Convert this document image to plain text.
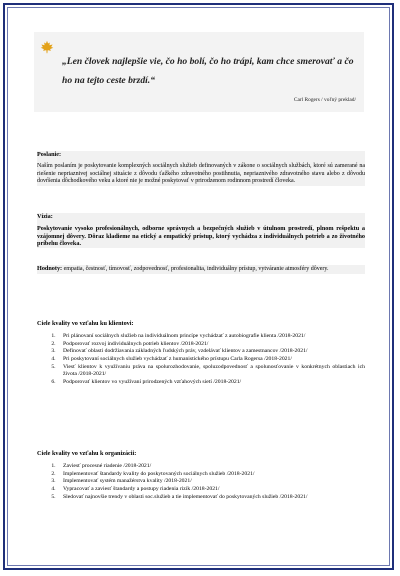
„Len človek najlepšie vie, čo ho bolí, čo ho trápi, kam chce smerovať a čo ho na tejto ceste brzdí.“
Carl Rogers / voľný preklad/
Poslanie:
Naším poslaním je poskytovanie komplexných sociálnych služieb definovaných v zákone o sociálnych službách, ktoré sú zamerané na riešenie nepriaznivej sociálnej situácie z dôvodu ťažkého zdravotného postihnutia, nepriaznivého zdravotného stavu alebo z dôvodu dovŕšenia dôchodkového veku a ktoré nie je možné poskytovať v prirodzenom rodinnom prostredí človeka.
Vízia:
Poskytovanie vysoko profesionálnych, odborne správnych a bezpečných služieb v útulnom prostredí, plnom rešpektu a vzájomnej dôvery. Dôraz kladieme na etický a empatický prístup, ktorý vychádza z individuálnych potrieb a zo životného príbehu človeka.
Hodnoty: empatia, čestnosť, tímovosť, zodpovednosť, profesionalita, individuálny prístup, vytváranie atmosféry dôvery.
Ciele kvality vo vzťahu ku klientovi:
1. Pri plánovaní sociálnych služieb na individuálnom princípe vychádzať z autobiografie klienta /2018-2021/
2. Podporovať rozvoj individuálnych potrieb klientov /2018-2021/
3. Definovať oblasti dodržiavania základných ľudských práv, vzdelávať klientov a zamestnancov /2018-2021/
4. Pri poskytovaní sociálnych služieb vychádzať z humanistického prístupu Carla Rogersa /2018-2021/
5. Viesť klientov k využívaniu práva na spolurozhodovanie, spoluzodpovednosť a spolunosťovanie v konkrétnych oblastiach ich života /2018-2021/
6. Podporovať klientov vo využívaní prirodzených vzťahových sietí /2018-2021/
Ciele kvality vo vzťahu k organizácii:
1. Zaviesť procesné riadenie /2018-2021/
2. Implementovať štandardy kvality do poskytovaných sociálnych služieb /2018-2021/
3. Implementovať systém manažérstva kvality /2018-2021/
4. Vypracovať a zaviesť štandardy a postupy riadenia rizík /2018-2021/
5. Sledovať najnovšie trendy v oblasti soc.služieb a tie implementovať do poskytovaných služieb /2018-2021/
